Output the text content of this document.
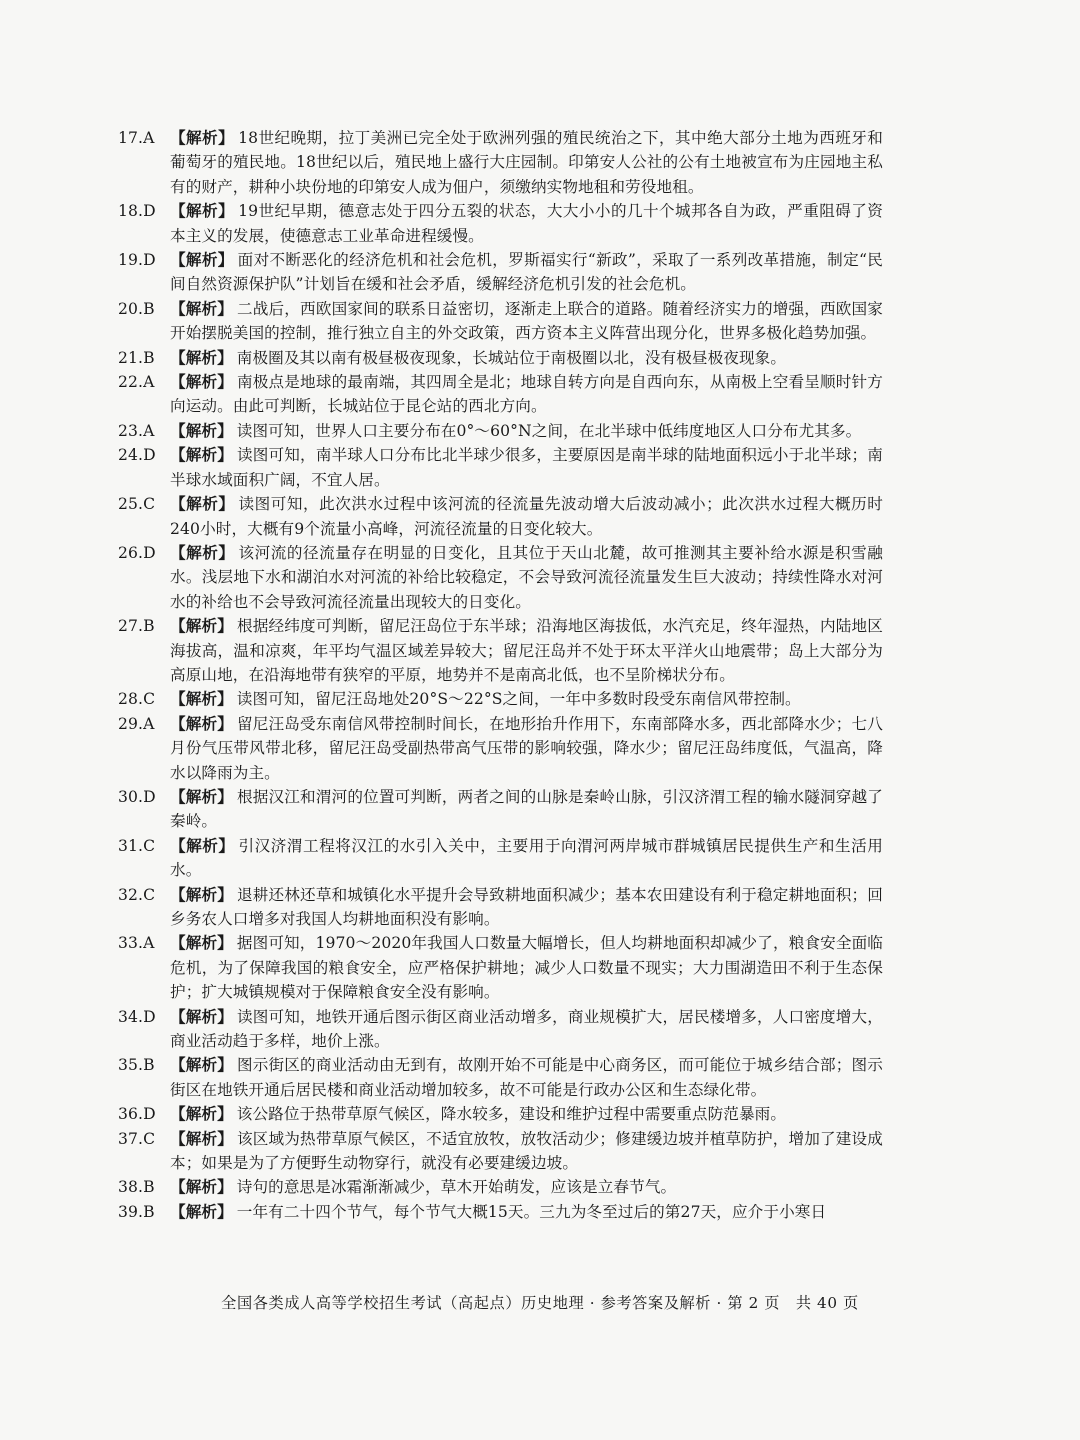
17.A 【解析】 18世纪晚期，拉丁美洲已完全处于欧洲列强的殖民统治之下，其中绝大部分土地为西班牙和葡萄牙的殖民地。18世纪以后，殖民地上盛行大庄园制。印第安人公社的公有土地被宣布为庄园地主私有的财产，耕种小块份地的印第安人成为佃户，须缴纳实物地租和劳役地租。
18.D 【解析】 19世纪早期，德意志处于四分五裂的状态，大大小小的几十个城邦各自为政，严重阻碍了资本主义的发展，使德意志工业革命进程缓慢。
19.D 【解析】 面对不断恶化的经济危机和社会危机，罗斯福实行“新政”，采取了一系列改革措施，制定“民间自然资源保护队”计划旨在缓和社会矛盾，缓解经济危机引发的社会危机。
20.B 【解析】 二战后，西欧国家间的联系日益密切，逐渐走上联合的道路。随着经济实力的增强，西欧国家开始摆脱美国的控制，推行独立自主的外交政策，西方资本主义阵营出现分化，世界多极化趋势加强。
21.B 【解析】 南极圈及其以南有极昼极夜现象，长城站位于南极圈以北，没有极昼极夜现象。
22.A 【解析】 南极点是地球的最南端，其四周全是北；地球自转方向是自西向东，从南极上空看呈顺时针方向运动。由此可判断，长城站位于昆仑站的西北方向。
23.A 【解析】 读图可知，世界人口主要分布在0°～60°N之间，在北半球中低纬度地区人口分布尤其多。
24.D 【解析】 读图可知，南半球人口分布比北半球少很多，主要原因是南半球的陆地面积远小于北半球；南半球水域面积广阔，不宜人居。
25.C 【解析】 读图可知，此次洪水过程中该河流的径流量先波动增大后波动减小；此次洪水过程大概历时240小时，大概有9个流量小高峰，河流径流量的日变化较大。
26.D 【解析】 该河流的径流量存在明显的日变化，且其位于天山北麓，故可推测其主要补给水源是积雪融水。浅层地下水和湖泊水对河流的补给比较稳定，不会导致河流径流量发生巨大波动；持续性降水对河水的补给也不会导致河流径流量出现较大的日变化。
27.B 【解析】 根据经纬度可判断，留尼汪岛位于东半球；沿海地区海拔低，水汽充足，终年湿热，内陆地区海拔高，温和凉爽，年平均气温区域差异较大；留尼汪岛并不处于环太平洋火山地震带；岛上大部分为高原山地，在沿海地带有狭窄的平原，地势并不是南高北低，也不呈阶梯状分布。
28.C 【解析】 读图可知，留尼汪岛地处20°S～22°S之间，一年中多数时段受东南信风带控制。
29.A 【解析】 留尼汪岛受东南信风带控制时间长，在地形抬升作用下，东南部降水多，西北部降水少；七八月份气压带风带北移，留尼汪岛受副热带高气压带的影响较强，降水少；留尼汪岛纬度低，气温高，降水以降雨为主。
30.D 【解析】 根据汉江和渭河的位置可判断，两者之间的山脉是秦岭山脉，引汉济渭工程的输水隧洞穿越了秦岭。
31.C 【解析】 引汉济渭工程将汉江的水引入关中，主要用于向渭河两岸城市群城镇居民提供生产和生活用水。
32.C 【解析】 退耕还林还草和城镇化水平提升会导致耕地面积减少；基本农田建设有利于稳定耕地面积；回乡务农人口增多对我国人均耕地面积没有影响。
33.A 【解析】 据图可知，1970～2020年我国人口数量大幅增长，但人均耕地面积却减少了，粮食安全面临危机，为了保障我国的粮食安全，应严格保护耕地；减少人口数量不现实；大力围湖造田不利于生态保护；扩大城镇规模对于保障粮食安全没有影响。
34.D 【解析】 读图可知，地铁开通后图示街区商业活动增多，商业规模扩大，居民楼增多，人口密度增大，商业活动趋于多样，地价上涨。
35.B 【解析】 图示街区的商业活动由无到有，故刚开始不可能是中心商务区，而可能位于城乡结合部；图示街区在地铁开通后居民楼和商业活动增加较多，故不可能是行政办公区和生态绿化带。
36.D 【解析】 该公路位于热带草原气候区，降水较多，建设和维护过程中需要重点防范暴雨。
37.C 【解析】 该区域为热带草原气候区，不适宜放牧，放牧活动少；修建缓边坡并植草防护，增加了建设成本；如果是为了方便野生动物穿行，就没有必要建缓边坡。
38.B 【解析】 诗句的意思是冰霜渐渐减少，草木开始萌发，应该是立春节气。
39.B 【解析】 一年有二十四个节气，每个节气大概15天。三九为冬至过后的第27天，应介于小寒日
全国各类成人高等学校招生考试（高起点）历史地理 · 参考答案及解析 · 第 2 页　共 40 页
